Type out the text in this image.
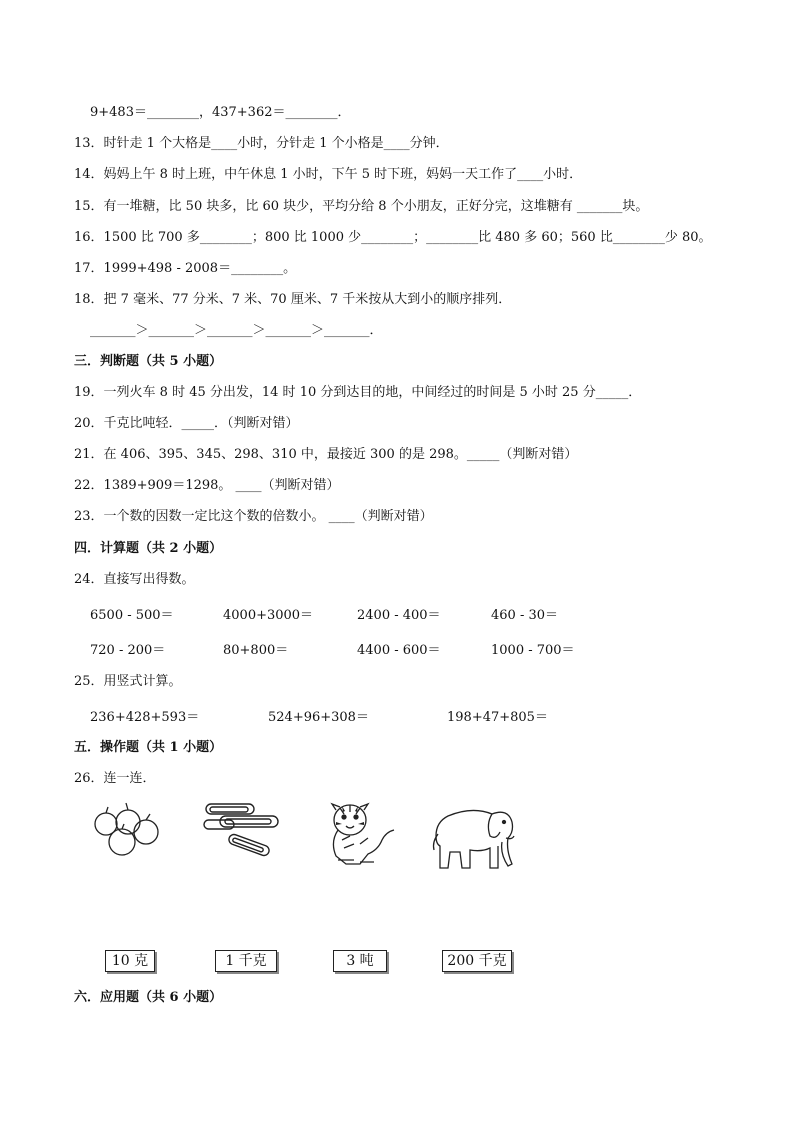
9+483＝________，437+362＝________．
13．时针走 1 个大格是____小时，分针走 1 个小格是____分钟．
14．妈妈上午 8 时上班，中午休息 1 小时，下午 5 时下班，妈妈一天工作了____小时．
15．有一堆糖，比 50 块多，比 60 块少，平均分给 8 个小朋友，正好分完，这堆糖有 _______块。
16．1500 比 700 多________；800 比 1000 少________；________比 480 多 60；560 比________少 80。
17．1999+498 - 2008＝________。
18．把 7 毫米、77 分米、7 米、70 厘米、7 千米按从大到小的顺序排列．
_______＞_______＞_______＞_______＞_______．
三．判断题（共 5 小题）
19．一列火车 8 时 45 分出发，14 时 10 分到达目的地，中间经过的时间是 5 小时 25 分_____．
20．千克比吨轻．_____．（判断对错）
21．在 406、395、345、298、310 中，最接近 300 的是 298。_____（判断对错）
22．1389+909＝1298。 ____（判断对错）
23．一个数的因数一定比这个数的倍数小。 ____（判断对错）
四．计算题（共 2 小题）
24．直接写出得数。
6500 - 500＝	4000+3000＝	2400 - 400＝	460 - 30＝
720 - 200＝	80+800＝	4400 - 600＝	1000 - 700＝
25．用竖式计算。
236+428+593＝	524+96+308＝	198+47+805＝
五．操作题（共 1 小题）
26．连一连．
10 克	1 千克	3 吨	200 千克
六．应用题（共 6 小题）
